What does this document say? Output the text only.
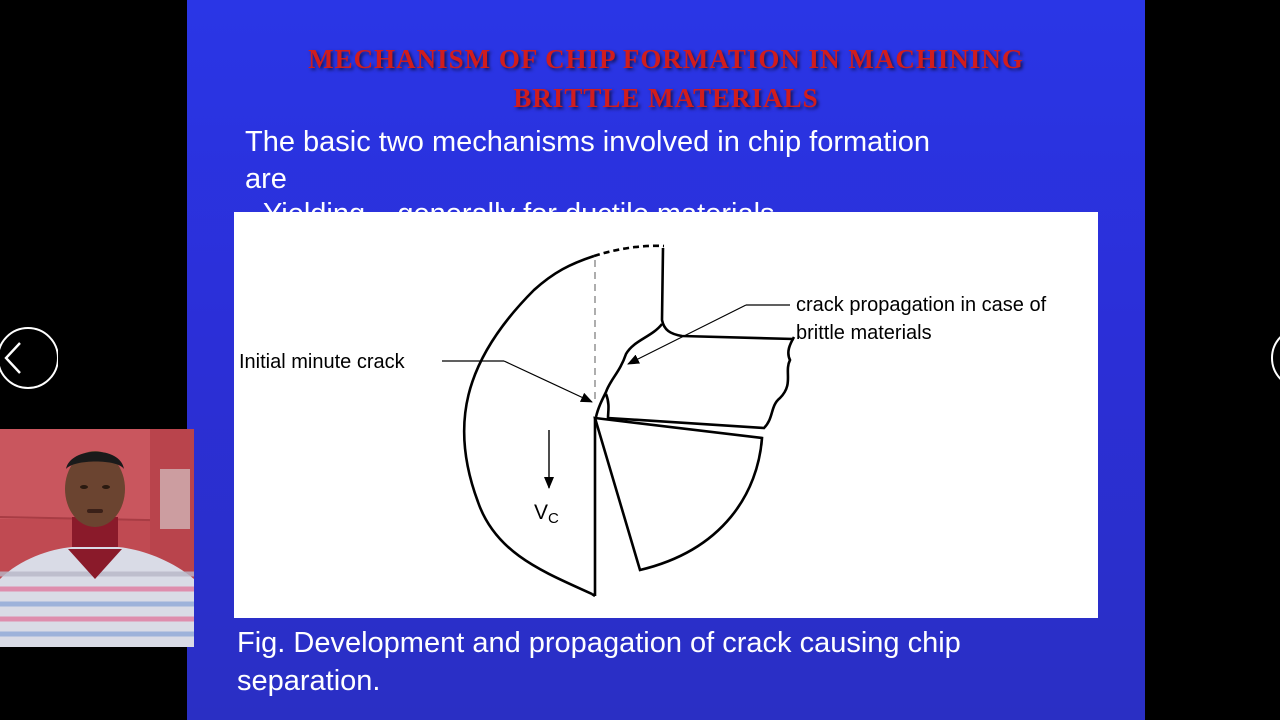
MECHANISM OF CHIP FORMATION IN MACHINING
BRITTLE MATERIALS
The basic two mechanisms involved in chip formation
are
Initial minute crack
crack propagation in case of
brittle materials
VC
Fig. Development and propagation of crack causing chip
separation.
